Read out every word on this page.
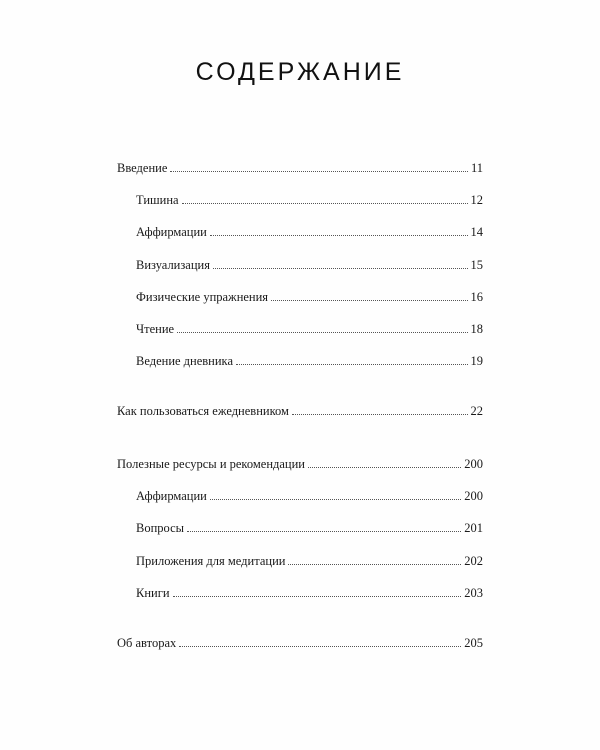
СОДЕРЖАНИЕ
Введение	11
Тишина	12
Аффирмации	14
Визуализация	15
Физические упражнения	16
Чтение	18
Ведение дневника	19
Как пользоваться ежедневником	22
Полезные ресурсы и рекомендации	200
Аффирмации	200
Вопросы	201
Приложения для медитации	202
Книги	203
Об авторах	205
